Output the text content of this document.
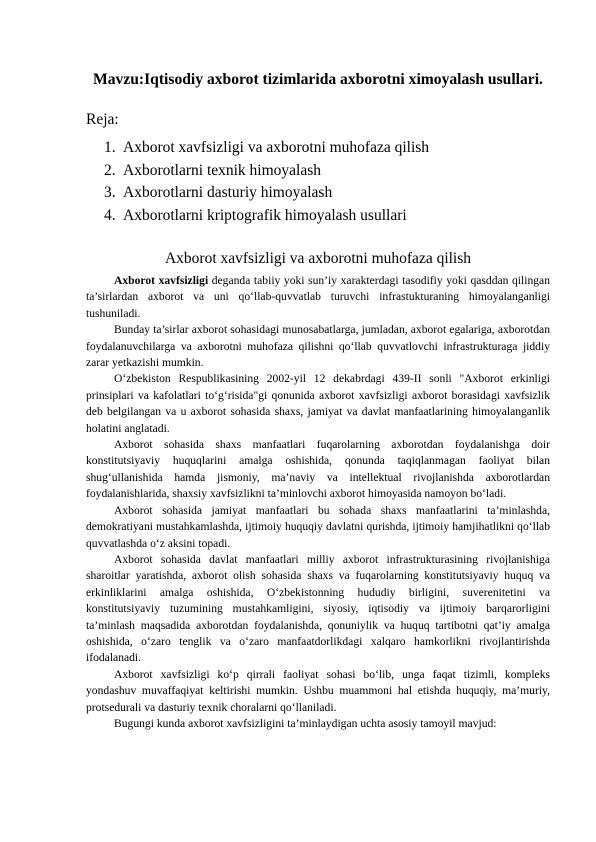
Mavzu:Iqtisodiy axborot tizimlarida axborotni ximoyalash usullari.
Reja:
1. Axborot xavfsizligi va axborotni muhofaza qilish
2. Axborotlarni texnik himoyalash
3. Axborotlarni dasturiy himoyalash
4. Axborotlarni kriptografik himoyalash usullari
Axborot xavfsizligi va axborotni muhofaza qilish

Axborot xavfsizligi deganda tabiiy yoki sun’iy xarakterdagi tasodifiy yoki qasddan qilingan ta’sirlardan axborot va uni qo‘llab-quvvatlab turuvchi infrastukturaning himoyalanganligi tushuniladi.

Bunday ta’sirlar axborot sohasidagi munosabatlarga, jumladan, axborot egalariga, axborotdan foydalanuvchilarga va axborotni muhofaza qilishni qo‘llab quvvatlovchi infrastrukturaga jiddiy zarar yetkazishi mumkin.

O‘zbekiston Respublikasining 2002-yil 12 dekabrdagi 439-II sonli "Axborot erkinligi prinsiplari va kafolatlari to‘g‘risida"gi qonunida axborot xavfsizligi axborot borasidagi xavfsizlik deb belgilangan va u axborot sohasida shaxs, jamiyat va davlat manfaatlarining himoyalanganlik holatini anglatadi.

Axborot sohasida shaxs manfaatlari fuqarolarning axborotdan foydalanishga doir konstitutsiyaviy huquqlarini amalga oshishida, qonunda taqiqlanmagan faoliyat bilan shug‘ullanishida hamda jismoniy, ma’naviy va intellektual rivojlanishda axborotlardan foydalanishlarida, shaxsiy xavfsizlikni ta’minlovchi axborot himoyasida namoyon bo‘ladi.

Axborot sohasida jamiyat manfaatlari bu sohada shaxs manfaatlarini ta’minlashda, demokratiyani mustahkamlashda, ijtimoiy huquqiy davlatni qurishda, ijtimoiy hamjihatlikni qo‘llab quvvatlashda o‘z aksini topadi.

Axborot sohasida davlat manfaatlari milliy axborot infrastrukturasining rivojlanishiga sharoitlar yaratishda, axborot olish sohasida shaxs va fuqarolarning konstitutsiyaviy huquq va erkinliklarini amalga oshishida, O‘zbekistonning hududiy birligini, suverenitetini va konstitutsiyaviy tuzumining mustahkamligini, siyosiy, iqtisodiy va ijtimoiy barqarorligini ta’minlash maqsadida axborotdan foydalanishda, qonuniylik va huquq tartibotni qat’iy amalga oshishida, o‘zaro tenglik va o‘zaro manfaatdorlikdagi xalqaro hamkorlikni rivojlantirishda ifodalanadi.

Axborot xavfsizligi ko‘p qirrali faoliyat sohasi bo‘lib, unga faqat tizimli, kompleks yondashuv muvaffaqiyat keltirishi mumkin. Ushbu muammoni hal etishda huquqiy, ma’muriy, protsedurali va dasturiy texnik choralarni qo‘llaniladi.

Bugungi kunda axborot xavfsizligini ta’minlaydigan uchta asosiy tamoyil mavjud:
